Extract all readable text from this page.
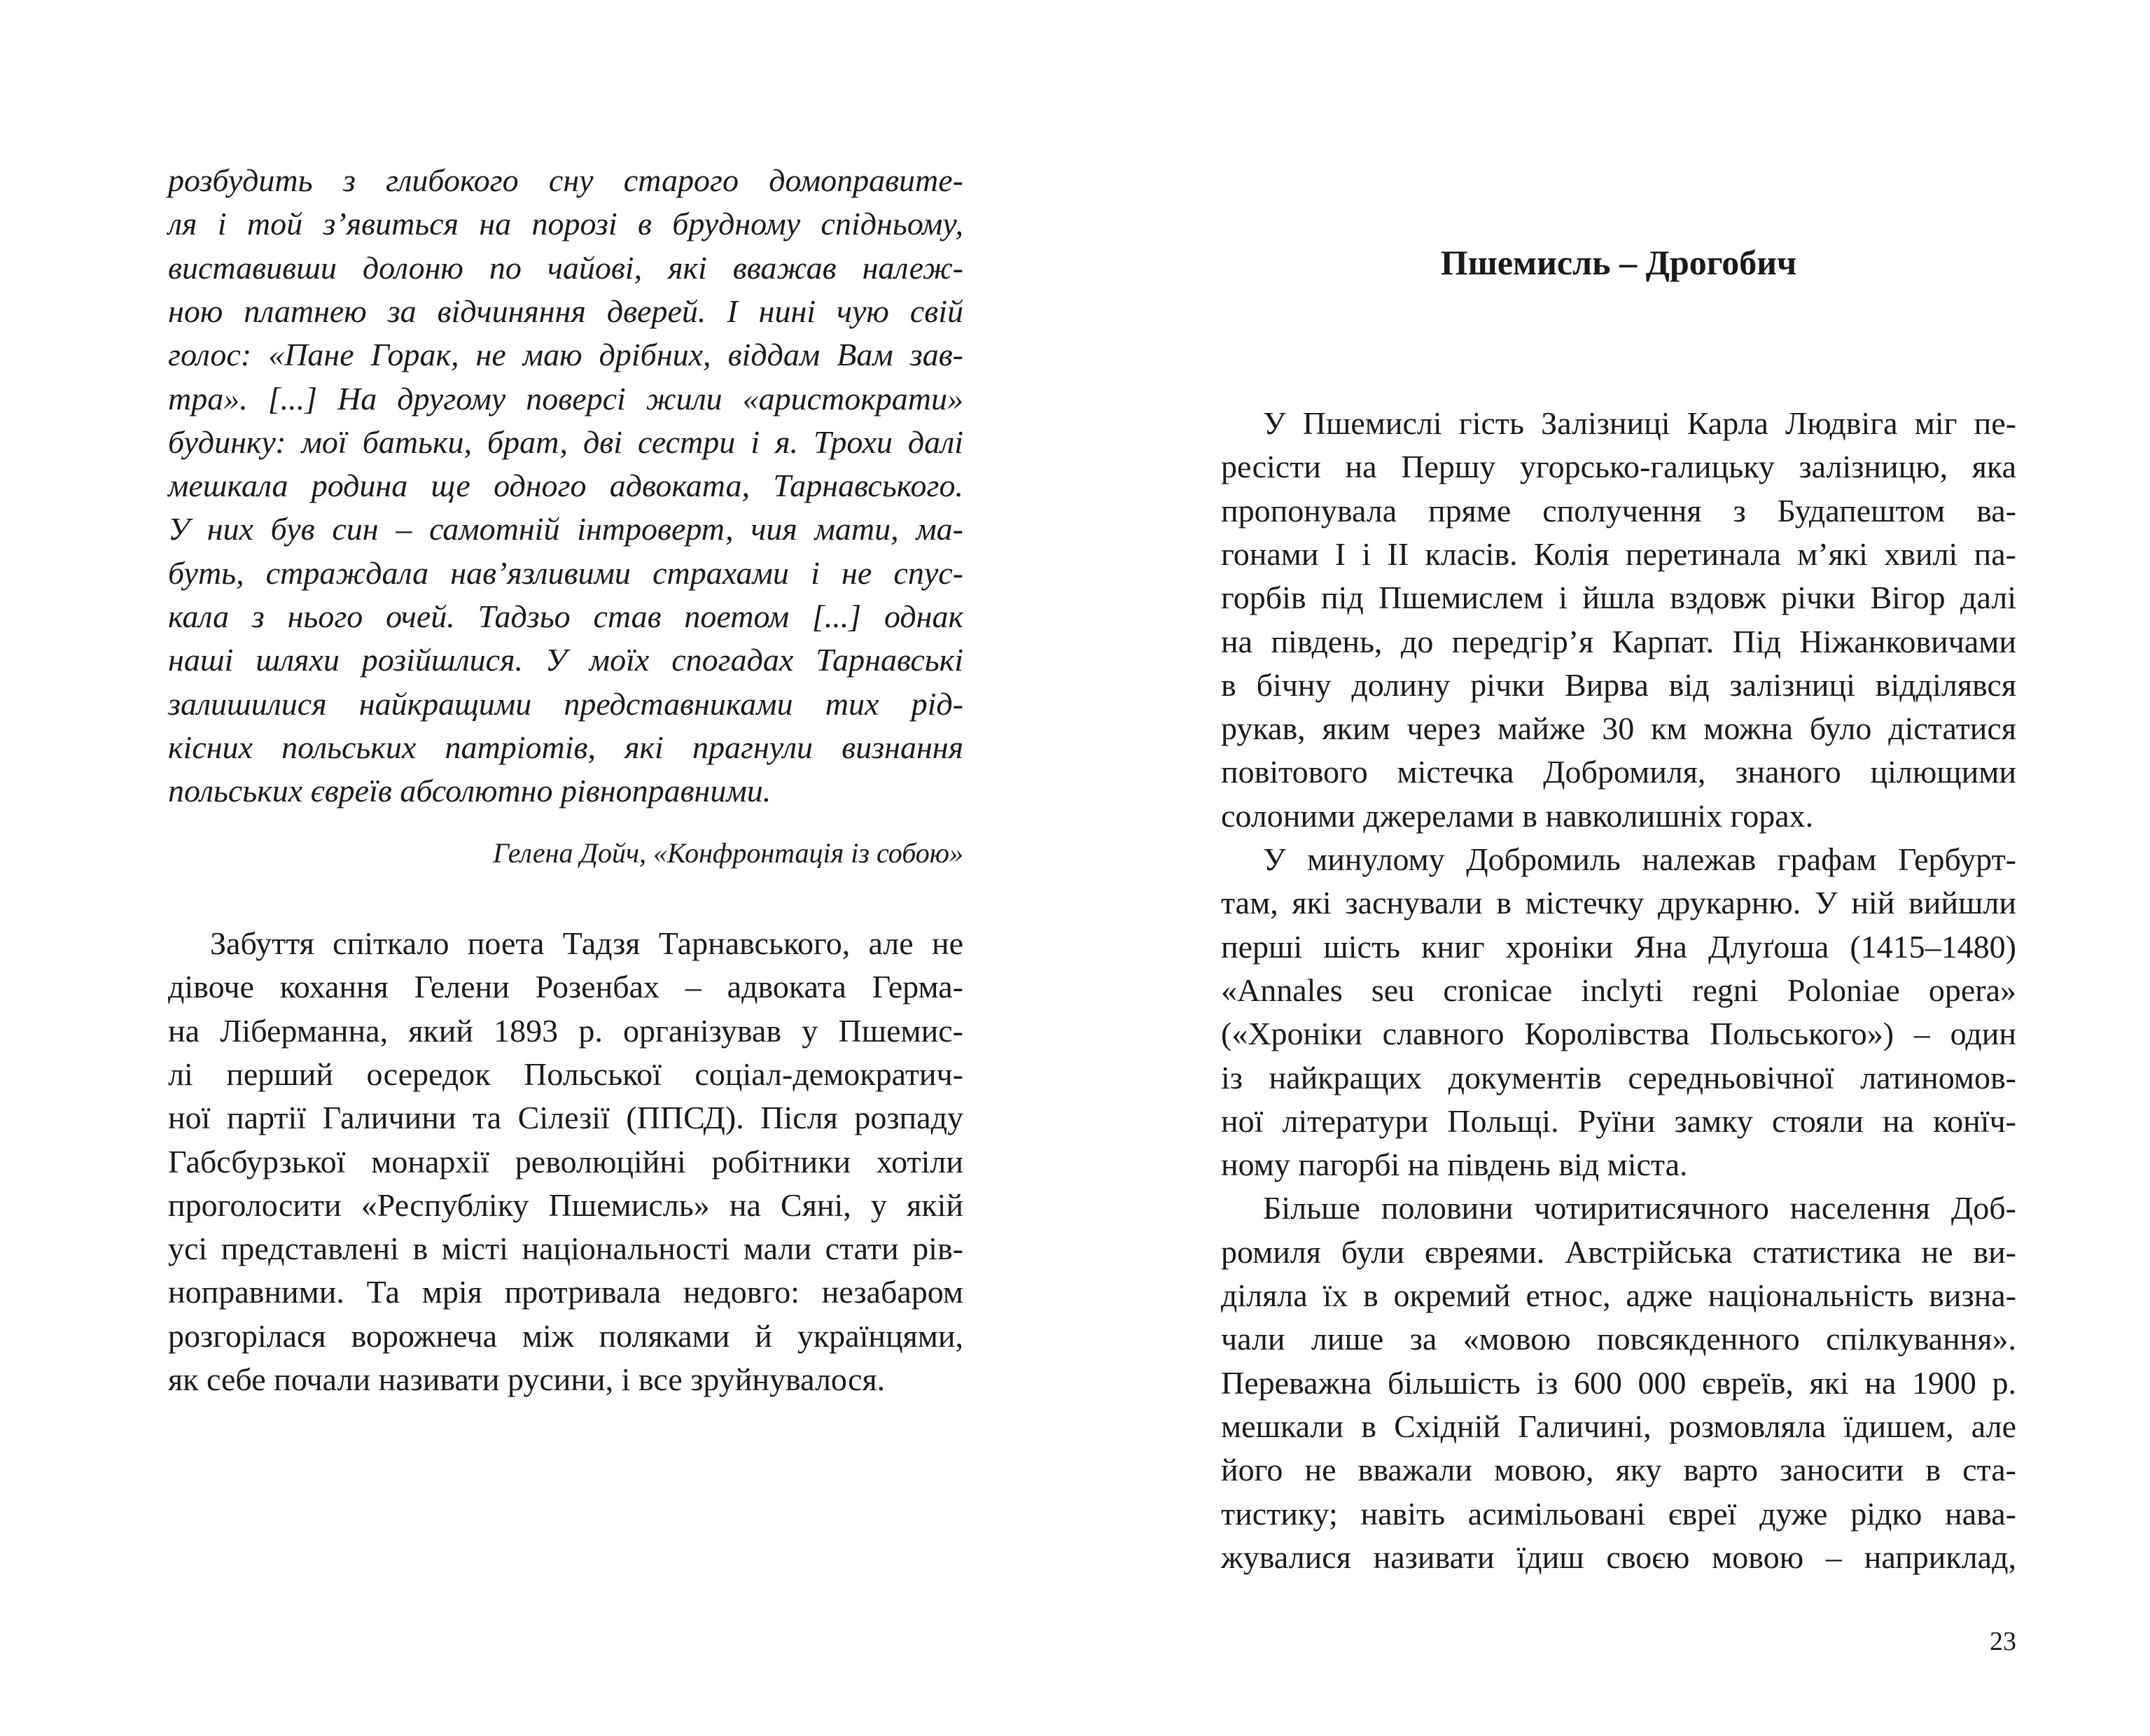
розбудить з глибокого сну старого домоправите-
ля і той з’явиться на порозі в брудному спідньому,
виставивши долоню по чайові, які вважав належ-
ною платнею за відчиняння дверей. І нині чую свій
голос: «Пане Горак, не маю дрібних, віддам Вам зав-
тра». [...] На другому поверсі жили «аристократи»
будинку: мої батьки, брат, дві сестри і я. Трохи далі
мешкала родина ще одного адвоката, Тарнавського.
У них був син – самотній інтроверт, чия мати, ма-
буть, страждала нав’язливими страхами і не спус-
кала з нього очей. Тадзьо став поетом [...] однак
наші шляхи розійшлися. У моїх спогадах Тарнавські
залишилися найкращими представниками тих рід-
кісних польських патріотів, які прагнули визнання
польських євреїв абсолютно рівноправними.
Гелена Дойч, «Конфронтація із собою»
Забуття спіткало поета Тадзя Тарнавського, але не
дівоче кохання Гелени Розенбах – адвоката Герма-
на Ліберманна, який 1893 р. організував у Пшемис-
лі перший осередок Польської соціал-демократич-
ної партії Галичини та Сілезії (ППСД). Після розпаду
Габсбурзької монархії революційні робітники хотіли
проголосити «Республіку Пшемисль» на Сяні, у якій
усі представлені в місті національності мали стати рів-
ноправними. Та мрія протривала недовго: незабаром
розгорілася ворожнеча між поляками й українцями,
як себе почали називати русини, і все зруйнувалося.
Пшемисль – Дрогобич
У Пшемислі гість Залізниці Карла Людвіга міг пе-
ресісти на Першу угорсько-галицьку залізницю, яка
пропонувала пряме сполучення з Будапештом ва-
гонами I і II класів. Колія перетинала м’які хвилі па-
горбів під Пшемислем і йшла вздовж річки Вігор далі
на південь, до передгір’я Карпат. Під Ніжанковичами
в бічну долину річки Вирва від залізниці відділявся
рукав, яким через майже 30 км можна було дістатися
повітового містечка Добромиля, знаного цілющими
солоними джерелами в навколишніх горах.
У минулому Добромиль належав графам Гербурт-
там, які заснували в містечку друкарню. У ній вийшли
перші шість книг хроніки Яна Длуґоша (1415–1480)
«Annales seu cronicae inclyti regni Poloniae opera»
(«Хроніки славного Королівства Польського») – один
із найкращих документів середньовічної латиномов-
ної літератури Польщі. Руїни замку стояли на конїч-
ному пагорбі на південь від міста.
Більше половини чотиритисячного населення Доб-
ромиля були євреями. Австрійська статистика не ви-
діляла їх в окремий етнос, адже національність визна-
чали лише за «мовою повсякденного спілкування».
Переважна більшість із 600 000 євреїв, які на 1900 р.
мешкали в Східній Галичині, розмовляла їдишем, але
його не вважали мовою, яку варто заносити в ста-
тистику; навіть асимільовані євреї дуже рідко нава-
жувалися називати їдиш своєю мовою – наприклад,
23
